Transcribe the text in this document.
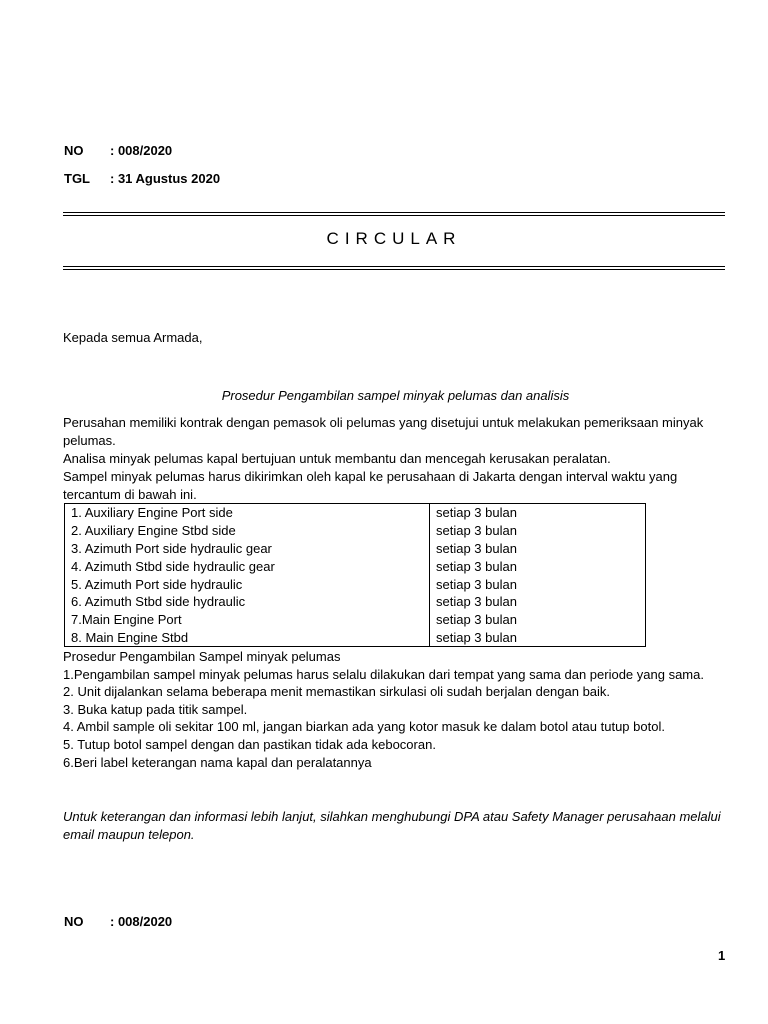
NO : 008/2020
TGL : 31 Agustus 2020
CIRCULAR
Kepada semua Armada,
Prosedur Pengambilan sampel minyak pelumas dan analisis
Perusahan memiliki kontrak dengan pemasok oli pelumas yang disetujui untuk melakukan pemeriksaan minyak pelumas.
Analisa minyak pelumas kapal bertujuan untuk membantu dan mencegah kerusakan peralatan.
Sampel minyak pelumas harus dikirimkan oleh kapal ke perusahaan di Jakarta dengan interval waktu yang tercantum di bawah ini.
1. Auxiliary Engine Port side	setiap 3 bulan
2. Auxiliary Engine Stbd side	setiap 3 bulan
3. Azimuth Port side hydraulic gear	setiap 3 bulan
4. Azimuth Stbd side hydraulic gear	setiap 3 bulan
5. Azimuth Port side hydraulic	setiap 3 bulan
6. Azimuth Stbd side hydraulic	setiap 3 bulan
7.Main Engine Port	setiap 3 bulan
8. Main Engine Stbd	setiap 3 bulan
Prosedur Pengambilan Sampel minyak pelumas
1.Pengambilan sampel minyak pelumas harus selalu dilakukan dari tempat yang sama dan periode yang sama.
2. Unit dijalankan selama beberapa menit memastikan sirkulasi oli sudah berjalan dengan baik.
3. Buka katup pada titik sampel.
4. Ambil sample oli sekitar 100 ml, jangan biarkan ada yang kotor masuk ke dalam botol atau tutup botol.
5. Tutup botol sampel dengan dan pastikan tidak ada kebocoran.
6.Beri label keterangan nama kapal dan peralatannya
Untuk keterangan dan informasi lebih lanjut, silahkan menghubungi DPA atau Safety Manager perusahaan melalui email maupun telepon.
NO : 008/2020
1
